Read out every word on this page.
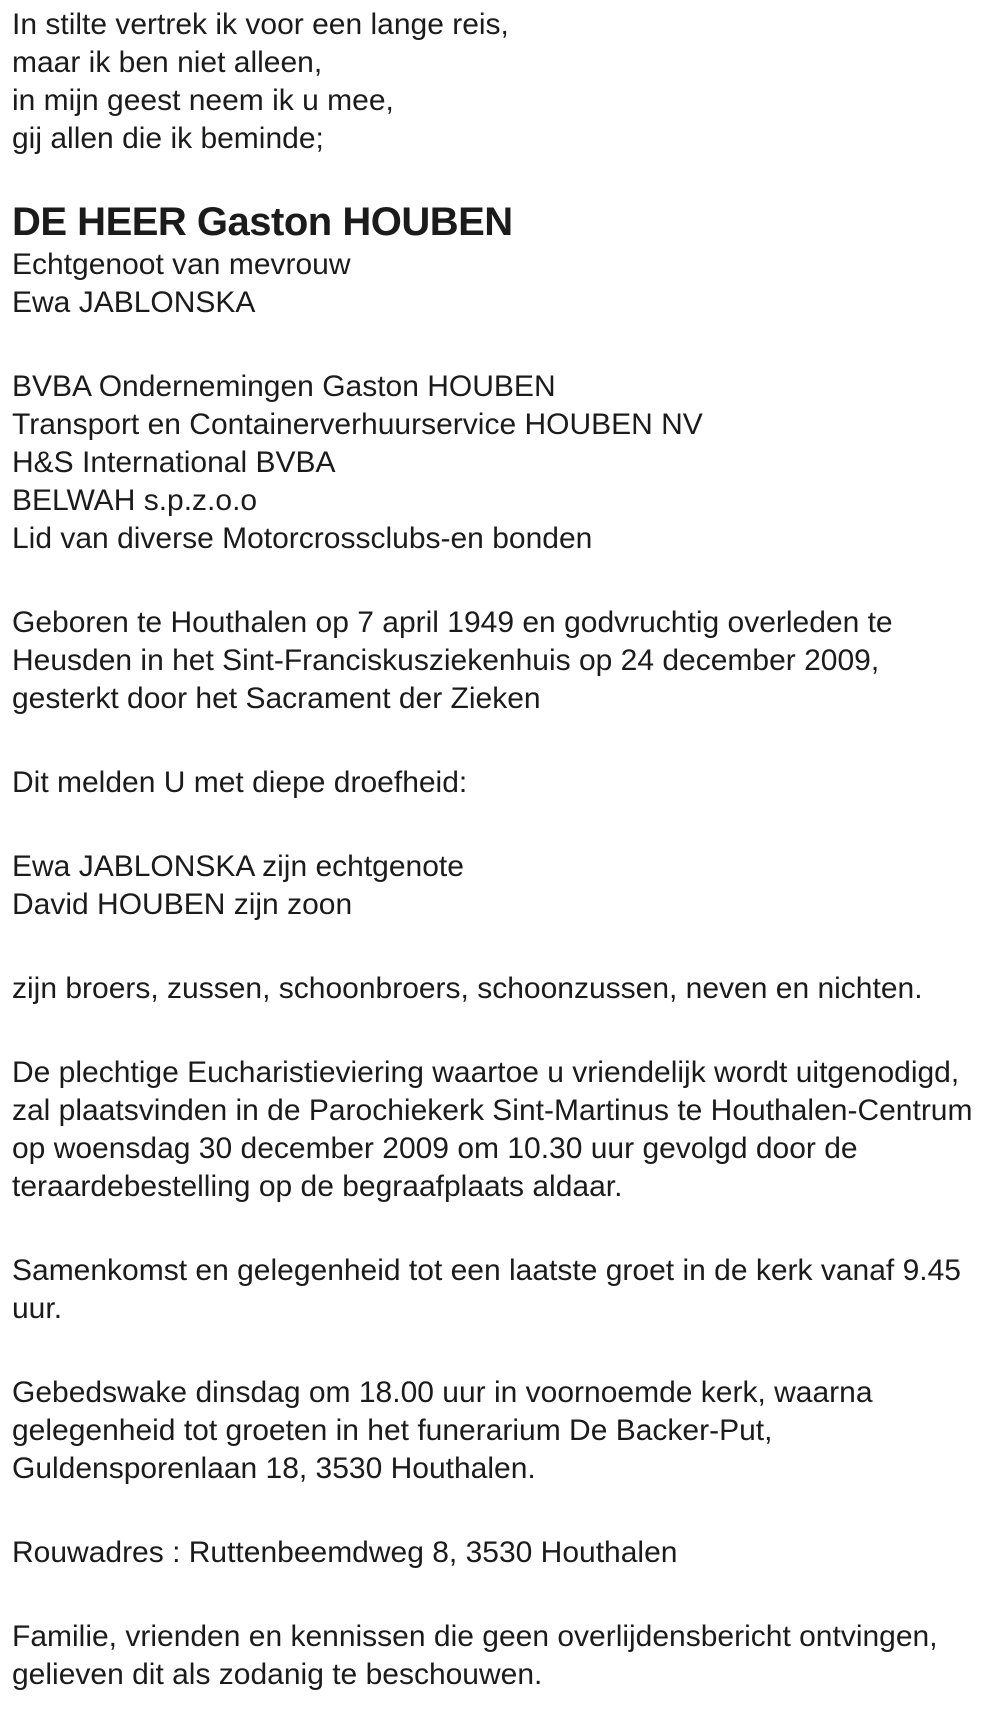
In stilte vertrek ik voor een lange reis,
maar ik ben niet alleen,
in mijn geest neem ik u mee,
gij allen die ik beminde;
DE HEER Gaston HOUBEN
Echtgenoot van mevrouw
Ewa JABLONSKA
BVBA Ondernemingen Gaston HOUBEN
Transport en Containerverhuurservice HOUBEN NV
H&S International BVBA
BELWAH s.p.z.o.o
Lid van diverse Motorcrossclubs-en bonden
Geboren te Houthalen op 7 april 1949 en godvruchtig overleden te
Heusden in het Sint-Franciskusziekenhuis op 24 december 2009,
gesterkt door het Sacrament der Zieken
Dit melden U met diepe droefheid:
Ewa JABLONSKA zijn echtgenote
David HOUBEN zijn zoon
zijn broers, zussen, schoonbroers, schoonzussen, neven en nichten.
De plechtige Eucharistieviering waartoe u vriendelijk wordt uitgenodigd,
zal plaatsvinden in de Parochiekerk Sint-Martinus te Houthalen-Centrum
op woensdag 30 december 2009 om 10.30 uur gevolgd door de
teraardebestelling op de begraafplaats aldaar.
Samenkomst en gelegenheid tot een laatste groet in de kerk vanaf 9.45
uur.
Gebedswake dinsdag om 18.00 uur in voornoemde kerk, waarna
gelegenheid tot groeten in het funerarium De Backer-Put,
Guldensporenlaan 18, 3530 Houthalen.
Rouwadres : Ruttenbeemdweg 8, 3530 Houthalen
Familie, vrienden en kennissen die geen overlijdensbericht ontvingen,
gelieven dit als zodanig te beschouwen.
